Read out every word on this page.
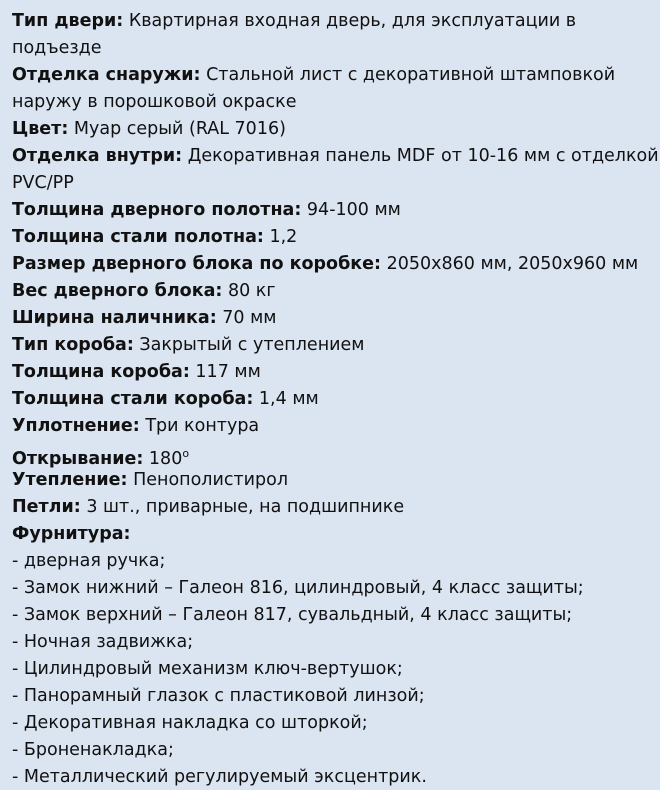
Тип двери: Квартирная входная дверь, для эксплуатации в
подъезде
Отделка снаружи: Стальной лист с декоративной штамповкой
наружу в порошковой окраске
Цвет: Муар серый (RAL 7016)
Отделка внутри: Декоративная панель MDF от 10-16 мм с отделкой
PVC/PP
Толщина дверного полотна: 94-100 мм
Толщина стали полотна: 1,2
Размер дверного блока по коробке: 2050х860 мм, 2050х960 мм
Вес дверного блока: 80 кг
Ширина наличника: 70 мм
Тип короба: Закрытый с утеплением
Толщина короба: 117 мм
Толщина стали короба: 1,4 мм
Уплотнение: Три контура
Открывание: 180$^o$
Утепление: Пенополистирол
Петли: 3 шт., приварные, на подшипнике
Фурнитура:
- дверная ручка;
- Замок нижний – Галеон 816, цилиндровый, 4 класс защиты;
- Замок верхний – Галеон 817, сувальдный, 4 класс защиты;
- Ночная задвижка;
- Цилиндровый механизм ключ-вертушок;
- Панорамный глазок с пластиковой линзой;
- Декоративная накладка со шторкой;
- Броненакладка;
- Металлический регулируемый эксцентрик.
